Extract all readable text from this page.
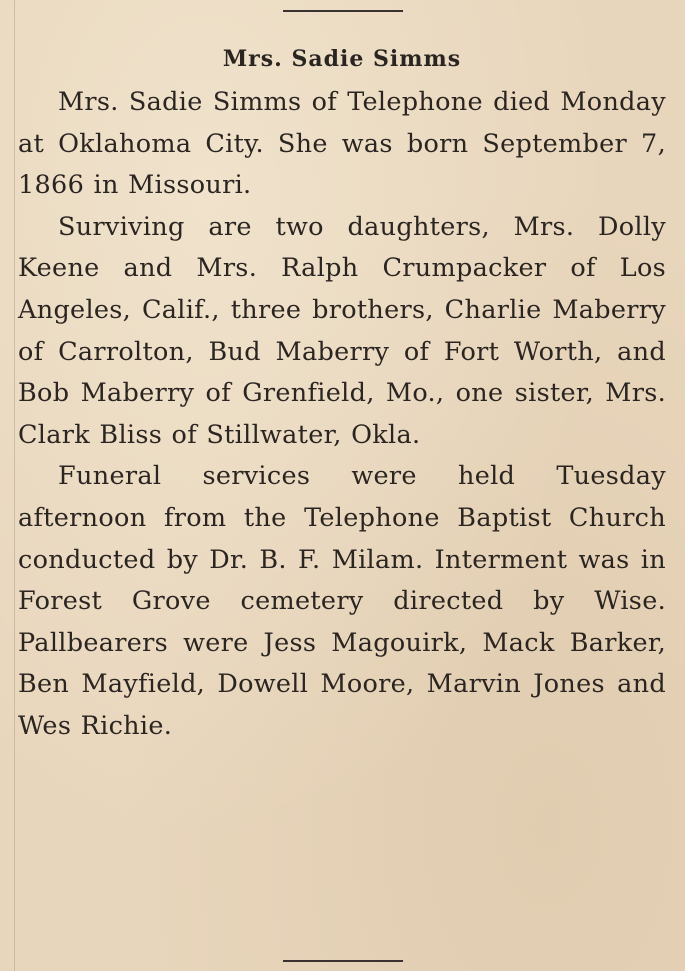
Mrs. Sadie Simms

Mrs. Sadie Simms of Telephone died Monday at Oklahoma City. She was born September 7, 1866 in Missouri.

Surviving are two daughters, Mrs. Dolly Keene and Mrs. Ralph Crumpacker of Los Angeles, Calif., three brothers, Charlie Maberry of Carrolton, Bud Maberry of Fort Worth, and Bob Maberry of Grenfield, Mo., one sister, Mrs. Clark Bliss of Stillwater, Okla.

Funeral services were held Tuesday afternoon from the Telephone Baptist Church conducted by Dr. B. F. Milam. Interment was in Forest Grove cemetery directed by Wise. Pallbearers were Jess Magouirk, Mack Barker, Ben Mayfield, Dowell Moore, Marvin Jones and Wes Richie.
